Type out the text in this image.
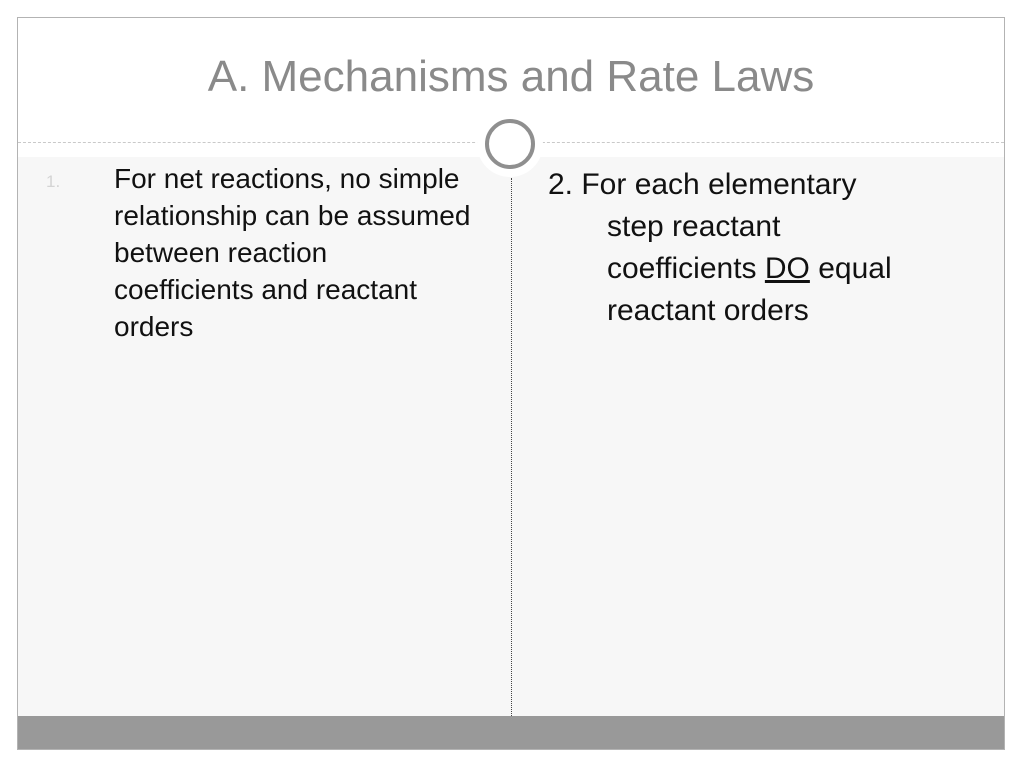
A. Mechanisms and Rate Laws
1. For net reactions, no simple relationship can be assumed between reaction coefficients and reactant orders
2. For each elementary
step reactant
coefficients DO equal
reactant orders
